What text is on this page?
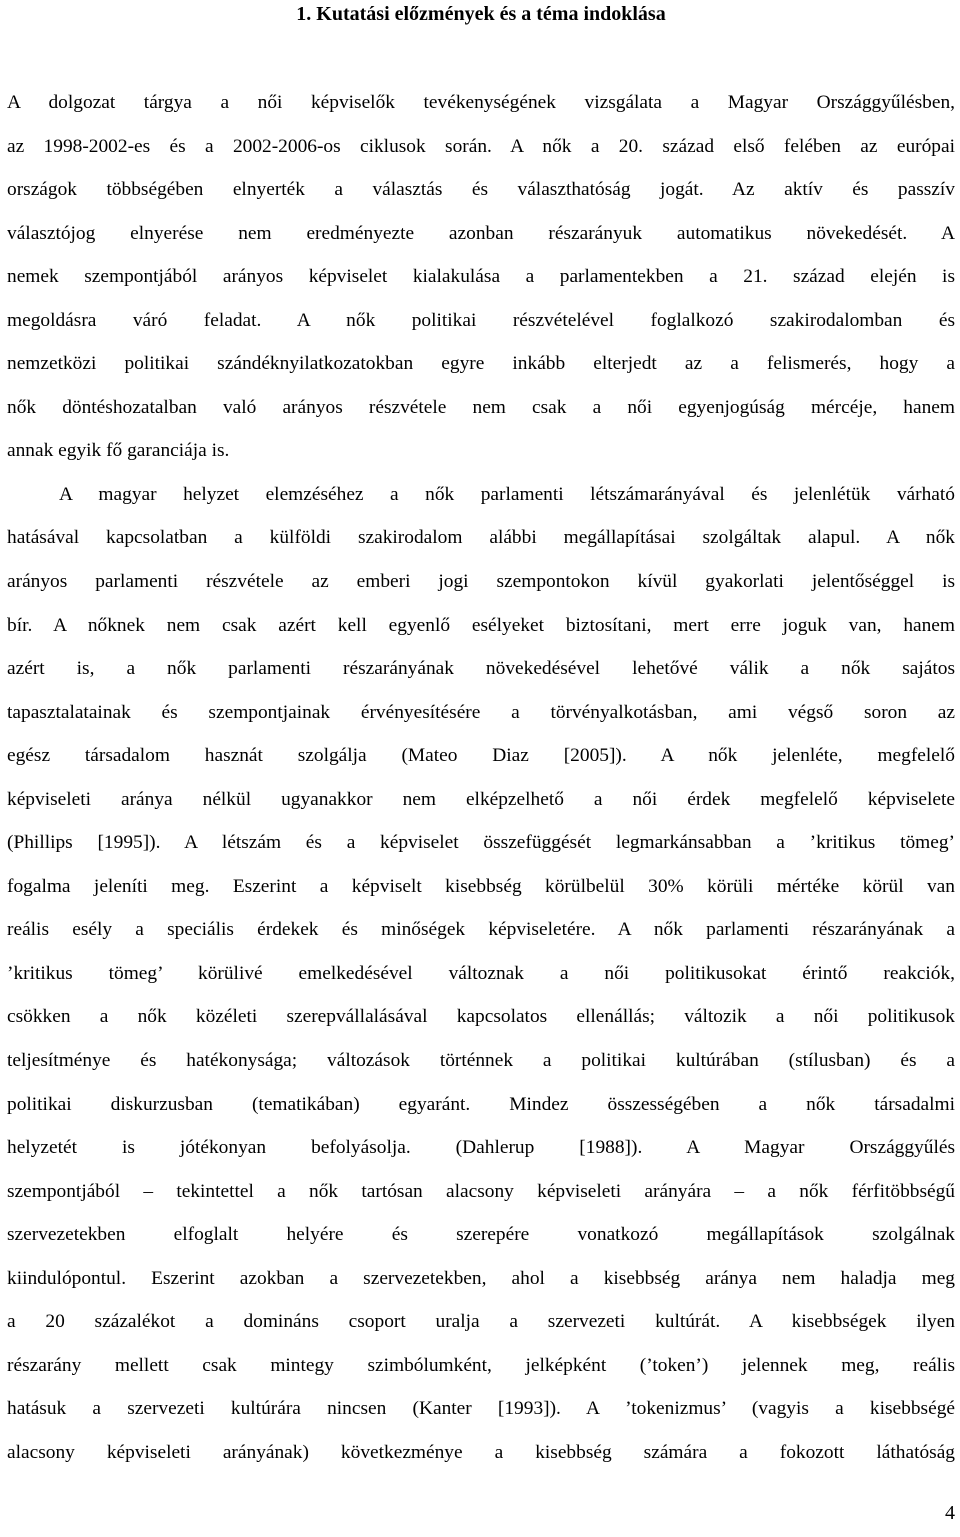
1. Kutatási előzmények és a téma indoklása

A dolgozat tárgya a női képviselők tevékenységének vizsgálata a Magyar Országgyűlésben,
az 1998-2002-es és a 2002-2006-os ciklusok során. A nők a 20. század első felében az európai
országok többségében elnyerték a választás és választhatóság jogát. Az aktív és passzív
választójog elnyerése nem eredményezte azonban részarányuk automatikus növekedését. A
nemek szempontjából arányos képviselet kialakulása a parlamentekben a 21. század elején is
megoldásra váró feladat. A nők politikai részvételével foglalkozó szakirodalomban és
nemzetközi politikai szándéknyilatkozatokban egyre inkább elterjedt az a felismerés, hogy a
nők döntéshozatalban való arányos részvétele nem csak a női egyenjogúság mércéje, hanem
annak egyik fő garanciája is.

A magyar helyzet elemzéséhez a nők parlamenti létszámarányával és jelenlétük várható
hatásával kapcsolatban a külföldi szakirodalom alábbi megállapításai szolgáltak alapul. A nők
arányos parlamenti részvétele az emberi jogi szempontokon kívül gyakorlati jelentőséggel is
bír. A nőknek nem csak azért kell egyenlő esélyeket biztosítani, mert erre joguk van, hanem
azért is, a nők parlamenti részarányának növekedésével lehetővé válik a nők sajátos
tapasztalatainak és szempontjainak érvényesítésére a törvényalkotásban, ami végső soron az
egész társadalom hasznát szolgálja (Mateo Diaz [2005]). A nők jelenléte, megfelelő
képviseleti aránya nélkül ugyanakkor nem elképzelhető a női érdek megfelelő képviselete
(Phillips [1995]). A létszám és a képviselet összefüggését legmarkánsabban a ’kritikus tömeg’
fogalma jeleníti meg. Eszerint a képviselt kisebbség körülbelül 30% körüli mértéke körül van
reális esély a speciális érdekek és minőségek képviseletére. A nők parlamenti részarányának a
’kritikus tömeg’ körülivé emelkedésével változnak a női politikusokat érintő reakciók,
csökken a nők közéleti szerepvállalásával kapcsolatos ellenállás; változik a női politikusok
teljesítménye és hatékonysága; változások történnek a politikai kultúrában (stílusban) és a
politikai diskurzusban (tematikában) egyaránt. Mindez összességében a nők társadalmi
helyzetét is jótékonyan befolyásolja. (Dahlerup [1988]). A Magyar Országgyűlés
szempontjából – tekintettel a nők tartósan alacsony képviseleti arányára – a nők férfitöbbségű
szervezetekben elfoglalt helyére és szerepére vonatkozó megállapítások szolgálnak
kiindulópontul. Eszerint azokban a szervezetekben, ahol a kisebbség aránya nem haladja meg
a 20 százalékot a domináns csoport uralja a szervezeti kultúrát. A kisebbségek ilyen
részarány mellett csak mintegy szimbólumként, jelképként (’token’) jelennek meg, reális
hatásuk a szervezeti kultúrára nincsen (Kanter [1993]). A ’tokenizmus’ (vagyis a kisebbségé
alacsony képviseleti arányának) következménye a kisebbség számára a fokozott láthatóság

4
